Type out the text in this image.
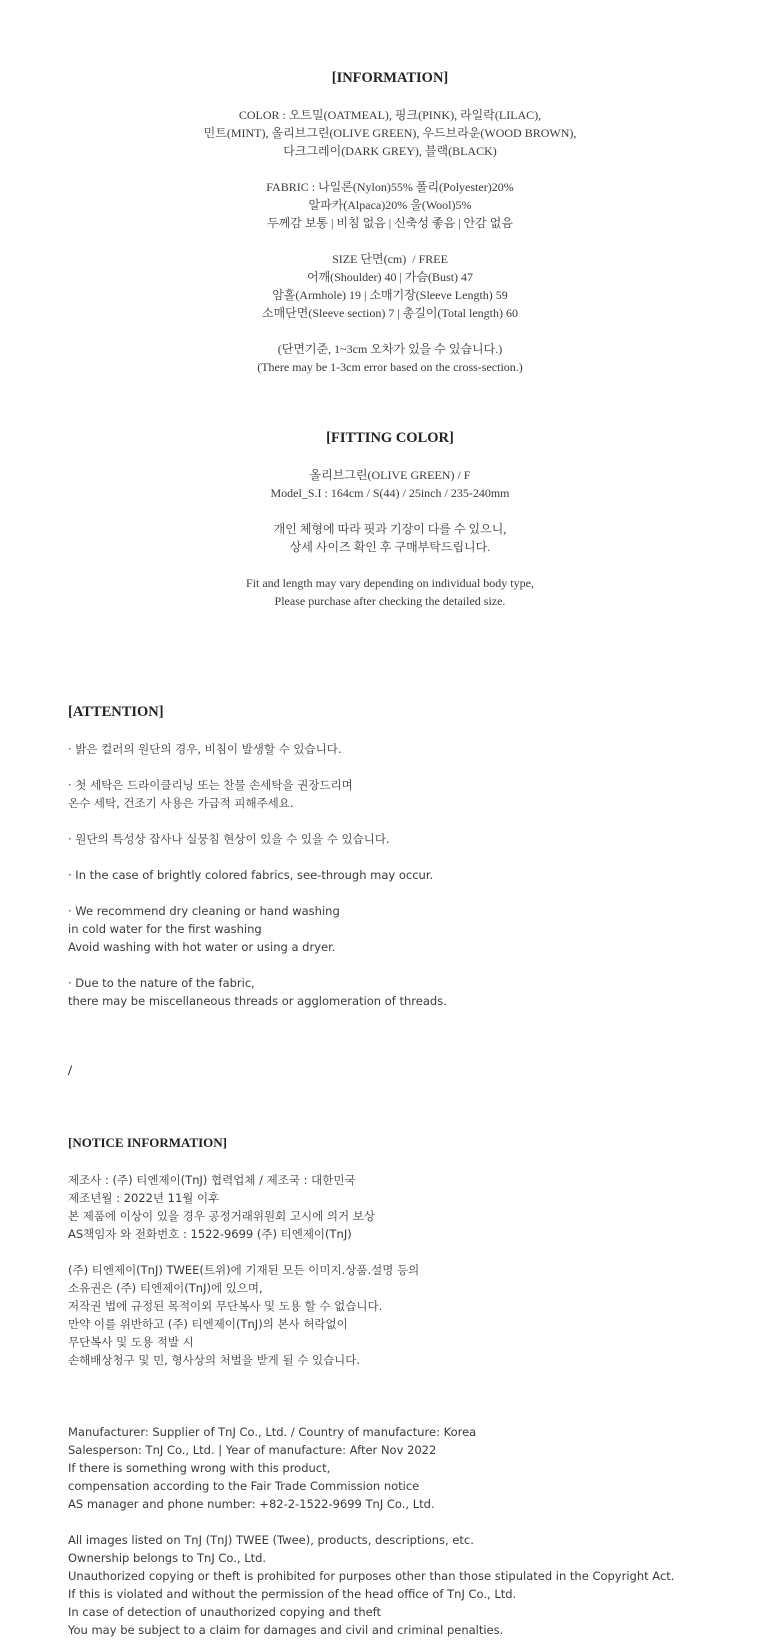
[INFORMATION]
COLOR : 오트밀(OATMEAL), 핑크(PINK), 라일락(LILAC),
민트(MINT), 올리브그린(OLIVE GREEN), 우드브라운(WOOD BROWN),
다크그레이(DARK GREY), 블랙(BLACK)
FABRIC : 나일론(Nylon)55% 폴리(Polyester)20%
알파카(Alpaca)20% 울(Wool)5%
두께감 보통 | 비침 없음 | 신축성 좋음 | 안감 없음
SIZE 단면(cm)  / FREE
어깨(Shoulder) 40 | 가슴(Bust) 47
암홀(Armhole) 19 | 소매기장(Sleeve Length) 59
소매단면(Sleeve section) 7 | 총길이(Total length) 60
(단면기준, 1~3cm 오차가 있을 수 있습니다.)
(There may be 1-3cm error based on the cross-section.)
[FITTING COLOR]
올리브그린(OLIVE GREEN) / F
Model_S.I : 164cm / S(44) / 25inch / 235-240mm
개인 체형에 따라 핏과 기장이 다를 수 있으니,
상세 사이즈 확인 후 구매부탁드립니다.
Fit and length may vary depending on individual body type,
Please purchase after checking the detailed size.
[ATTENTION]
· 밝은 컬러의 원단의 경우, 비침이 발생할 수 있습니다.
· 첫 세탁은 드라이클리닝 또는 찬물 손세탁을 권장드리며
온수 세탁, 건조기 사용은 가급적 피해주세요.
· 원단의 특성상 잡사나 실뭉침 현상이 있을 수 있을 수 있습니다.
· In the case of brightly colored fabrics, see-through may occur.
· We recommend dry cleaning or hand washing
in cold water for the first washing
Avoid washing with hot water or using a dryer.
· Due to the nature of the fabric,
there may be miscellaneous threads or agglomeration of threads.
/
[NOTICE INFORMATION]
제조사 : (주) 티엔제이(TnJ) 협력업체 / 제조국 : 대한민국
제조년월 : 2022년 11월 이후
본 제품에 이상이 있을 경우 공정거래위원회 고시에 의거 보상
AS책임자 와 전화번호 : 1522-9699 (주) 티엔제이(TnJ)
(주) 티엔제이(TnJ) TWEE(트위)에 기재된 모든 이미지.상품.설명 등의
소유권은 (주) 티엔제이(TnJ)에 있으며,
저작권 법에 규정된 목적이외 무단복사 및 도용 할 수 없습니다.
만약 이를 위반하고 (주) 티엔제이(TnJ)의 본사 허락없이
무단복사 및 도용 적발 시
손해배상청구 및 민, 형사상의 처벌을 받게 될 수 있습니다.
Manufacturer: Supplier of TnJ Co., Ltd. / Country of manufacture: Korea
Salesperson: TnJ Co., Ltd. | Year of manufacture: After Nov 2022
If there is something wrong with this product,
compensation according to the Fair Trade Commission notice
AS manager and phone number: +82-2-1522-9699 TnJ Co., Ltd.
All images listed on TnJ (TnJ) TWEE (Twee), products, descriptions, etc.
Ownership belongs to TnJ Co., Ltd.
Unauthorized copying or theft is prohibited for purposes other than those stipulated in the Copyright Act.
If this is violated and without the permission of the head office of TnJ Co., Ltd.
In case of detection of unauthorized copying and theft
You may be subject to a claim for damages and civil and criminal penalties.
